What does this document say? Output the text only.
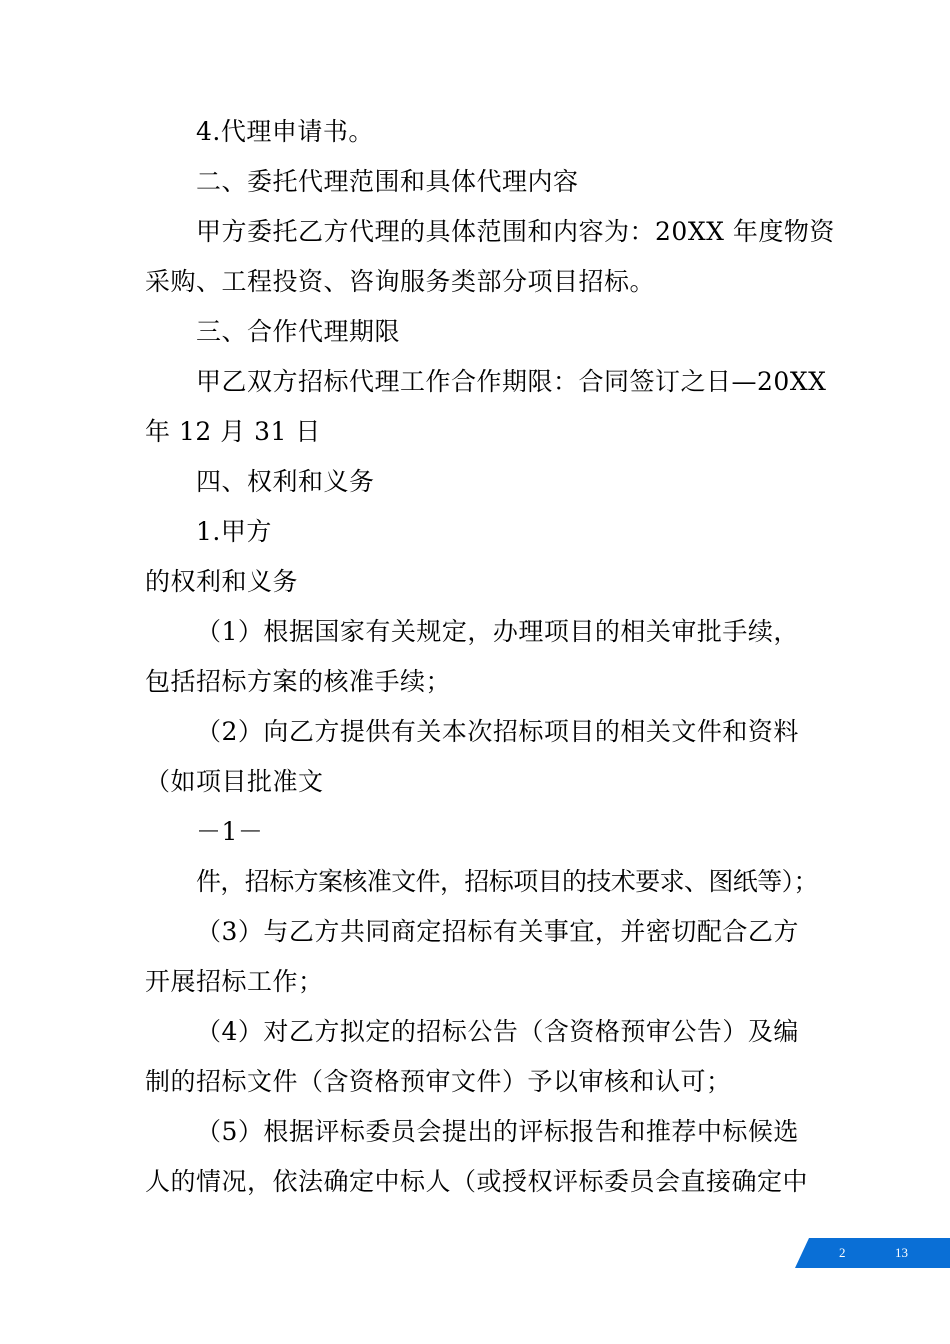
4.代理申请书。
二、委托代理范围和具体代理内容
甲方委托乙方代理的具体范围和内容为：20XX 年度物资
采购、工程投资、咨询服务类部分项目招标。
三、合作代理期限
甲乙双方招标代理工作合作期限：合同签订之日—20XX
年 12 月 31 日
四、权利和义务
1.甲方
的权利和义务
（1）根据国家有关规定，办理项目的相关审批手续，
包括招标方案的核准手续；
（2）向乙方提供有关本次招标项目的相关文件和资料
（如项目批准文
－1－
件，招标方案核准文件，招标项目的技术要求、图纸等）；
（3）与乙方共同商定招标有关事宜，并密切配合乙方
开展招标工作；
（4）对乙方拟定的招标公告（含资格预审公告）及编
制的招标文件（含资格预审文件）予以审核和认可；
（5）根据评标委员会提出的评标报告和推荐中标候选
人的情况，依法确定中标人（或授权评标委员会直接确定中
2	13
